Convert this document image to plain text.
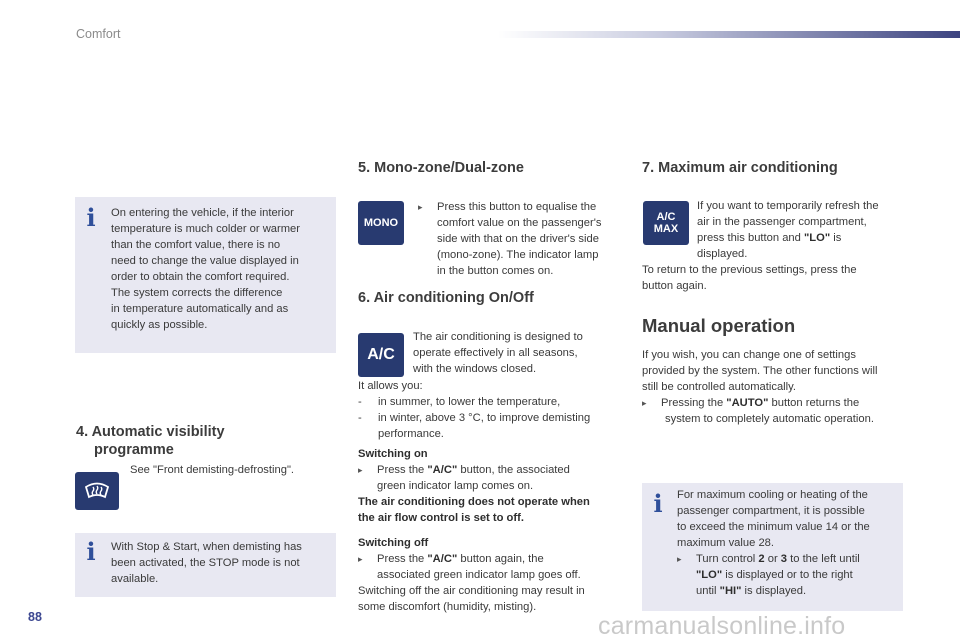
Comfort
i On entering the vehicle, if the interior
temperature is much colder or warmer
than the comfort value, there is no
need to change the value displayed in
order to obtain the comfort required.
The system corrects the difference
in temperature automatically and as
quickly as possible.
4. Automatic visibility
programme
See "Front demisting-defrosting".
i With Stop & Start, when demisting has
been activated, the STOP mode is not
available.
5. Mono-zone/Dual-zone
MONO
▸ Press this button to equalise the
comfort value on the passenger's
side with that on the driver's side
(mono-zone). The indicator lamp
in the button comes on.
6. Air conditioning On/Off
A/C
The air conditioning is designed to
operate effectively in all seasons,
with the windows closed.
It allows you:
- in summer, to lower the temperature,
- in winter, above 3 °C, to improve demisting
performance.
Switching on
▸ Press the "A/C" button, the associated
green indicator lamp comes on.
The air conditioning does not operate when
the air flow control is set to off.
Switching off
▸ Press the "A/C" button again, the
associated green indicator lamp goes off.
Switching off the air conditioning may result in
some discomfort (humidity, misting).
7. Maximum air conditioning
A/C
MAX
If you want to temporarily refresh the
air in the passenger compartment,
press this button and "LO" is
displayed.
To return to the previous settings, press the
button again.
Manual operation
If you wish, you can change one of settings
provided by the system. The other functions will
still be controlled automatically.
▸ Pressing the "AUTO" button returns the
system to completely automatic operation.
i For maximum cooling or heating of the
passenger compartment, it is possible
to exceed the minimum value 14 or the
maximum value 28.
▸ Turn control 2 or 3 to the left until
"LO" is displayed or to the right
until "HI" is displayed.
88	carmanualsonline.info
